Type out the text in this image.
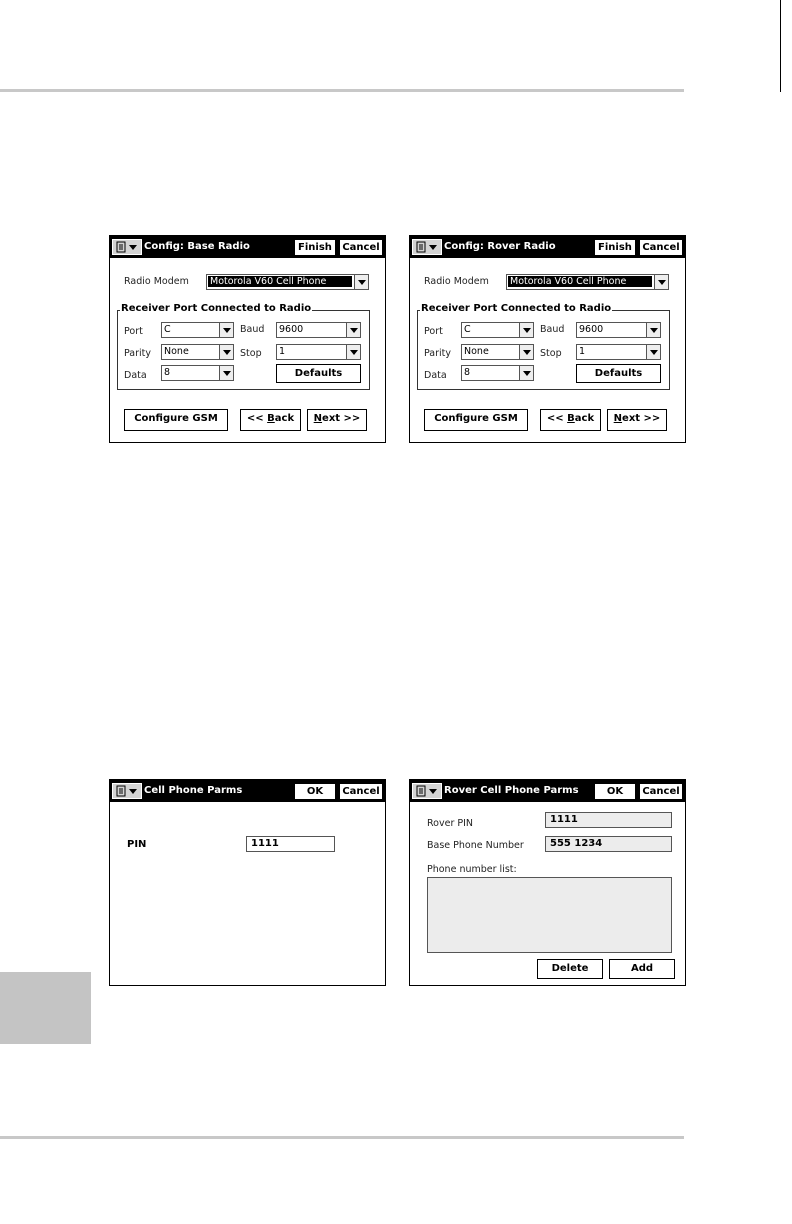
Config: Base Radio	Finish	Cancel
Radio Modem Motorola V60 Cell Phone
Receiver Port Connected to Radio
Port C	Baud 9600
Parity None	Stop 1
Data 8	Defaults
Configure GSM	<< Back	Next >>
Config: Rover Radio	Finish	Cancel
Radio Modem Motorola V60 Cell Phone
Receiver Port Connected to Radio
Port C	Baud 9600
Parity None	Stop 1
Data 8	Defaults
Configure GSM	<< Back	Next >>
Cell Phone Parms	OK	Cancel
PIN	1111
Rover Cell Phone Parms	OK	Cancel
Rover PIN	1111
Base Phone Number	555 1234
Phone number list:
Delete	Add
